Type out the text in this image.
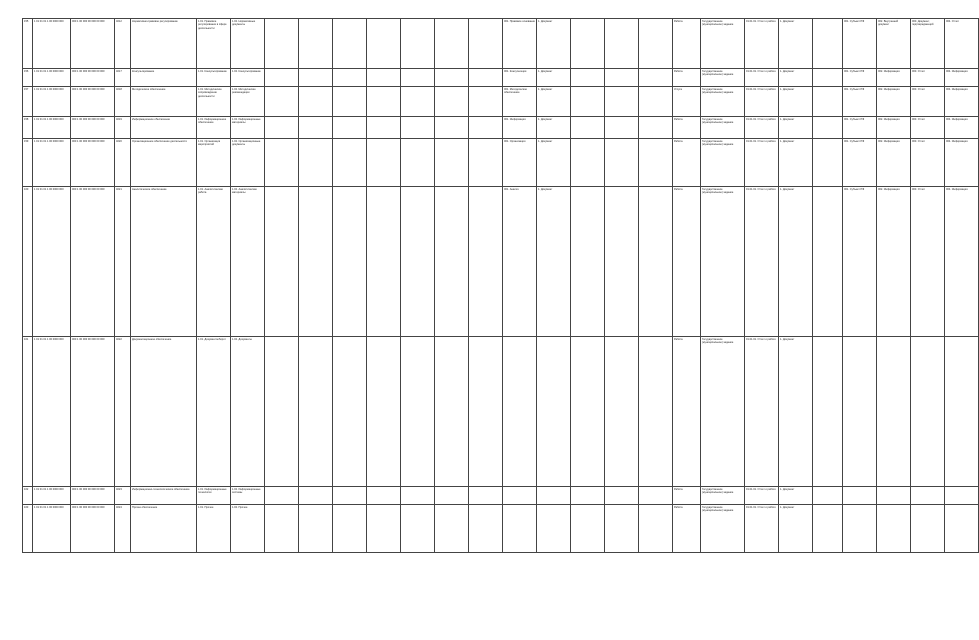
155	1 01 01 01 1 00 0000 000	000 1 00 000 00 000 00 000	4012	Нормативно-правовое регулирование	1.01. Правовое регулирование в сфере деятельности	1.02. Нормативные документы								001. Правовое основание	1. Документ				Работа	Государственное (муниципальное) задание	01.01.01. Отчет о работе	1. Документ		001. Субъект РФ	002. Внутренний документ	003. Документ, подтверждающий	004. Отчет
156	1 01 01 01 1 00 0000 000	000 1 00 000 00 000 00 000	4017	Консультирование	1.01. Консультирование	1.02. Консультирование								001. Консультации	1. Документ				Работа	Государственное (муниципальное) задание	01.01.01. Отчет о работе	1. Документ		001. Субъект РФ	002. Информация	003. Отчет	004. Информация
157	1 01 01 01 1 00 0000 000	000 1 00 000 00 000 00 000	4018	Методическое обеспечение	1.01. Методическое сопровождение деятельности	1.02. Методические рекомендации								001. Методическое обеспечение	1. Документ				Услуга	Государственное (муниципальное) задание	01.01.01. Отчет о работе	1. Документ		001. Субъект РФ	002. Информация	003. Отчет	004. Информация
158	1 01 01 01 1 00 0000 000	000 1 00 000 00 000 00 000	4019	Информационное обеспечение	1.01. Информационное обеспечение	1.02. Информационные материалы								001. Информация	1. Документ				Работа	Государственное (муниципальное) задание	01.01.01. Отчет о работе	1. Документ		001. Субъект РФ	002. Информация	003. Отчет	004. Информация
159	1 01 01 01 1 00 0000 000	000 1 00 000 00 000 00 000	4020	Организационное обеспечение деятельности	1.01. Организация мероприятий	1.02. Организационные документы								001. Организация	1. Документ				Работа	Государственное (муниципальное) задание	01.01.01. Отчет о работе	1. Документ		001. Субъект РФ	002. Информация	003. Отчет	004. Информация
160	1 01 01 01 1 00 0000 000	000 1 00 000 00 000 00 000	4021	Аналитическое обеспечение	1.01. Аналитическая работа	1.02. Аналитические материалы								001. Анализ	1. Документ				Работа	Государственное (муниципальное) задание	01.01.01. Отчет о работе	1. Документ		001. Субъект РФ	002. Информация	003. Отчет	004. Информация
161	1 01 01 01 1 00 0000 000	000 1 00 000 00 000 00 000	4022	Документационное обеспечение	1.01. Документооборот	1.02. Документы													Работа	Государственное (муниципальное) задание	01.01.01. Отчет о работе	1. Документ					
162	1 01 01 01 1 00 0000 000	000 1 00 000 00 000 00 000	4023	Информационно-технологическое обеспечение	1.01. Информационные технологии	1.02. Информационные системы													Работа	Государственное (муниципальное) задание	01.01.01. Отчет о работе	1. Документ					
163	1 01 01 01 1 00 0000 000	000 1 00 000 00 000 00 000	4024	Прочее обеспечение	1.01. Прочее	1.02. Прочее													Работа	Государственное (муниципальное) задание	01.01.01. Отчет о работе	1. Документ					
